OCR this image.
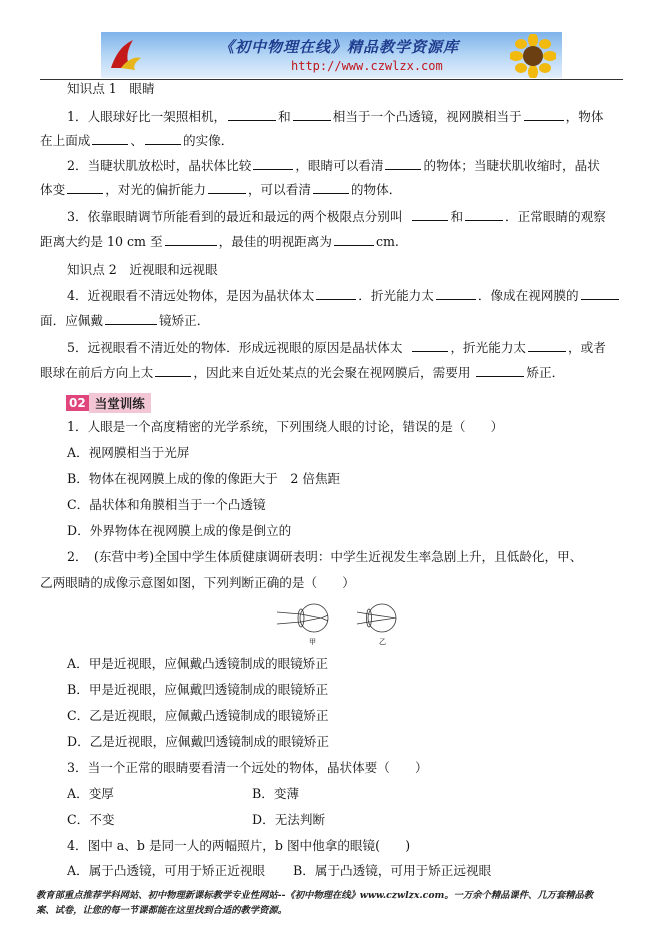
《初中物理在线》精品教学资源库
http://www.czwlzx.com
知识点 1　眼睛
1．人眼球好比一架照相机，	和	相当于一个凸透镜，视网膜相当于	，物体
在上面成	、	的实像．
2．当睫状肌放松时，晶状体比较	，眼睛可以看清	的物体；当睫状肌收缩时，晶状
体变	，对光的偏折能力	，可以看清	的物体．
3．依靠眼睛调节所能看到的最近和最远的两个极限点分别叫	和	．正常眼睛的观察
距离大约是 10 cm 至	，最佳的明视距离为	cm.
知识点 2　近视眼和远视眼
4．近视眼看不清远处物体，是因为晶状体太	．折光能力太	．像成在视网膜的
面．应佩戴	镜矫正．
5．远视眼看不清近处的物体．形成远视眼的原因是晶状体太	，折光能力太	，或者
眼球在前后方向上太	，因此来自近处某点的光会聚在视网膜后，需要用	矫正．
02 当堂训练
1．人眼是一个高度精密的光学系统，下列围绕人眼的讨论，错误的是（　　）
A．视网膜相当于光屏
B．物体在视网膜上成的像的像距大于　2 倍焦距
C．晶状体和角膜相当于一个凸透镜
D．外界物体在视网膜上成的像是倒立的
2．　(东营中考)全国中学生体质健康调研表明：中学生近视发生率急剧上升，且低龄化，甲、
乙两眼睛的成像示意图如图，下列判断正确的是（　　）
甲	乙
A．甲是近视眼，应佩戴凸透镜制成的眼镜矫正
B．甲是近视眼，应佩戴凹透镜制成的眼镜矫正
C．乙是近视眼，应佩戴凸透镜制成的眼镜矫正
D．乙是近视眼，应佩戴凹透镜制成的眼镜矫正
3．当一个正常的眼睛要看清一个远处的物体，晶状体要（　　）
A．变厚	B．变薄
C．不变	D．无法判断
4．图中 a、b 是同一人的两幅照片，b 图中他拿的眼镜(　　)
A．属于凸透镜，可用于矫正近视眼 B．属于凸透镜，可用于矫正远视眼
教育部重点推荐学科网站、初中物理新课标教学专业性网站--《初中物理在线》www.czwlzx.com。一万余个精品课件、几万套精品教
案、试卷，让您的每一节课都能在这里找到合适的教学资源。
